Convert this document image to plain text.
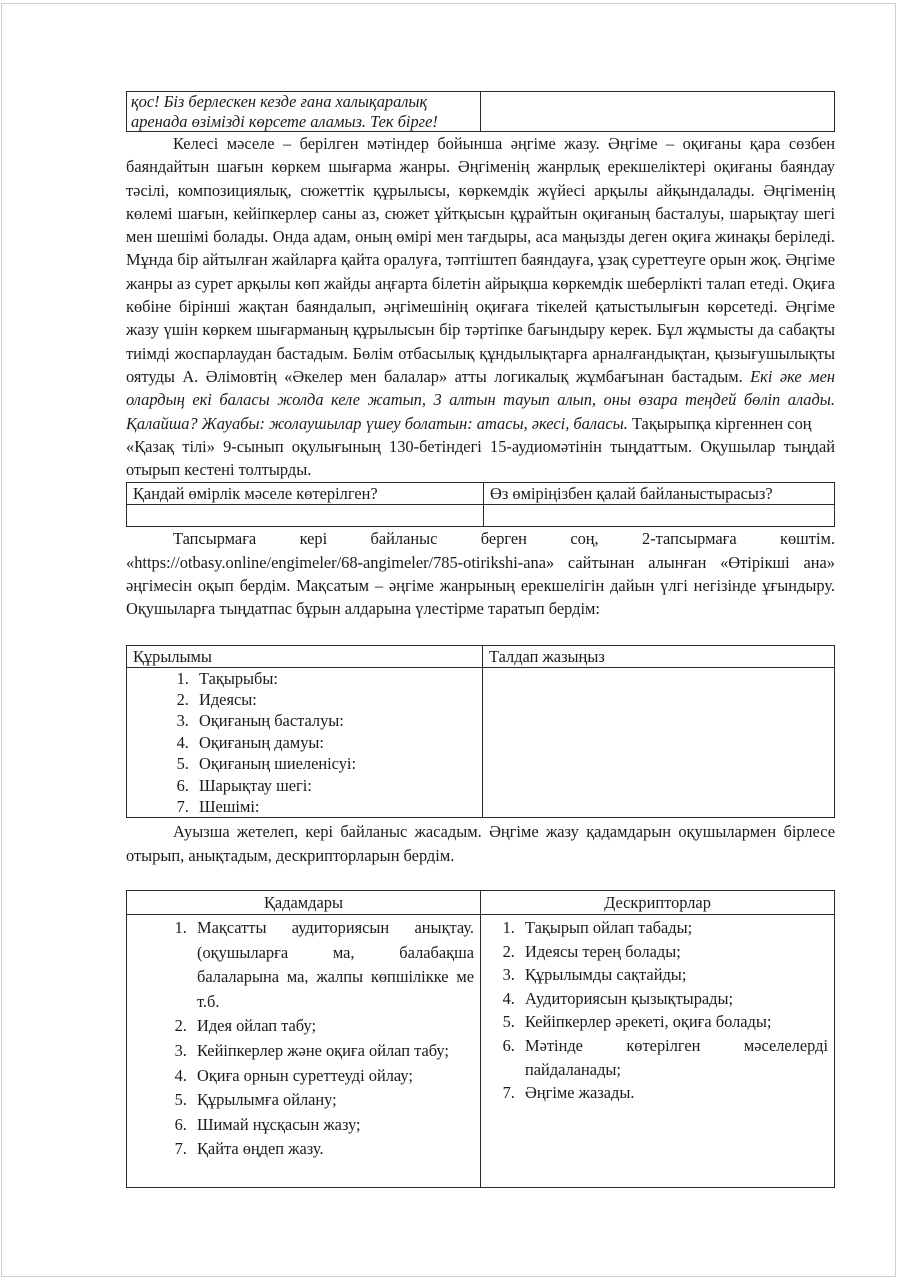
қос! Біз берлескен кезде ғана халықаралық
аренада өзімізді көрсете аламыз. Тек бірге!

Келесі мәселе – берілген мәтіндер бойынша әңгіме жазу. Әңгіме – оқиғаны қара сөзбен баяндайтын шағын көркем шығарма жанры. Әңгіменің жанрлық ерекшеліктері оқиғаны баяндау тәсілі, композициялық, сюжеттік құрылысы, көркемдік жүйесі арқылы айқындалады. Әңгіменің көлемі шағын, кейіпкерлер саны аз, сюжет ұйтқысын құрайтын оқиғаның басталуы, шарықтау шегі мен шешімі болады. Онда адам, оның өмірі мен тағдыры, аса маңызды деген оқиға жинақы беріледі. Мұнда бір айтылған жайларға қайта оралуға, тәптіштеп баяндауға, ұзақ суреттеуге орын жоқ. Әңгіме жанры аз сурет арқылы көп жайды аңғарта білетін айрықша көркемдік шеберлікті талап етеді. Оқиға көбіне бірінші жақтан баяндалып, әңгімешінің оқиғаға тікелей қатыстылығын көрсетеді. Әңгіме жазу үшін көркем шығарманың құрылысын бір тәртіпке бағындыру керек. Бұл жұмысты да сабақты тиімді жоспарлаудан бастадым. Бөлім отбасылық құндылықтарға арналғандықтан, қызығушылықты оятуды А. Әлімовтің «Әкелер мен балалар» атты логикалық жұмбағынан бастадым. Екі әке мен олардың екі баласы жолда келе жатып, 3 алтын тауып алып, оны өзара теңдей бөліп алады. Қалайша? Жауабы: жолаушылар үшеу болатын: атасы, әкесі, баласы. Тақырыпқа кіргеннен соң

«Қазақ тілі» 9-сынып оқулығының 130-бетіндегі 15-аудиомәтінін тыңдаттым. Оқушылар тыңдай отырып кестені толтырды.

Қандай өмірлік мәселе көтерілген?	Өз өміріңізбен қалай байланыстырасыз?

Тапсырмаға кері байланыс берген соң, 2-тапсырмаға көштім. «https://otbasy.online/engimeler/68-angimeler/785-otirikshi-ana» сайтынан алынған «Өтірікші ана» әңгімесін оқып бердім. Мақсатым – әңгіме жанрының ерекшелігін дайын үлгі негізінде ұғындыру. Оқушыларға тыңдатпас бұрын алдарына үлестірме таратып бердім:

Құрылымы	Талдап жазыңыз

1. Тақырыбы:
2. Идеясы:
3. Оқиғаның басталуы:
4. Оқиғаның дамуы:
5. Оқиғаның шиеленісуі:
6. Шарықтау шегі:
7. Шешімі:

Ауызша жетелеп, кері байланыс жасадым. Әңгіме жазу қадамдарын оқушылармен бірлесе отырып, анықтадым, дескрипторларын бердім.

Қадамдары	Дескрипторлар

1. Мақсатты аудиториясын анықтау. (оқушыларға ма, балабақша балаларына ма, жалпы көпшілікке ме т.б.
2. Идея ойлап табу;
3. Кейіпкерлер және оқиға ойлап табу;
4. Оқиға орнын суреттеуді ойлау;
5. Құрылымға ойлану;
6. Шимай нұсқасын жазу;
7. Қайта өңдеп жазу.

1. Тақырып ойлап табады;
2. Идеясы терең болады;
3. Құрылымды сақтайды;
4. Аудиториясын қызықтырады;
5. Кейіпкерлер әрекеті, оқиға болады;
6. Мәтінде көтерілген мәселелерді пайдаланады;
7. Әңгіме жазады.
